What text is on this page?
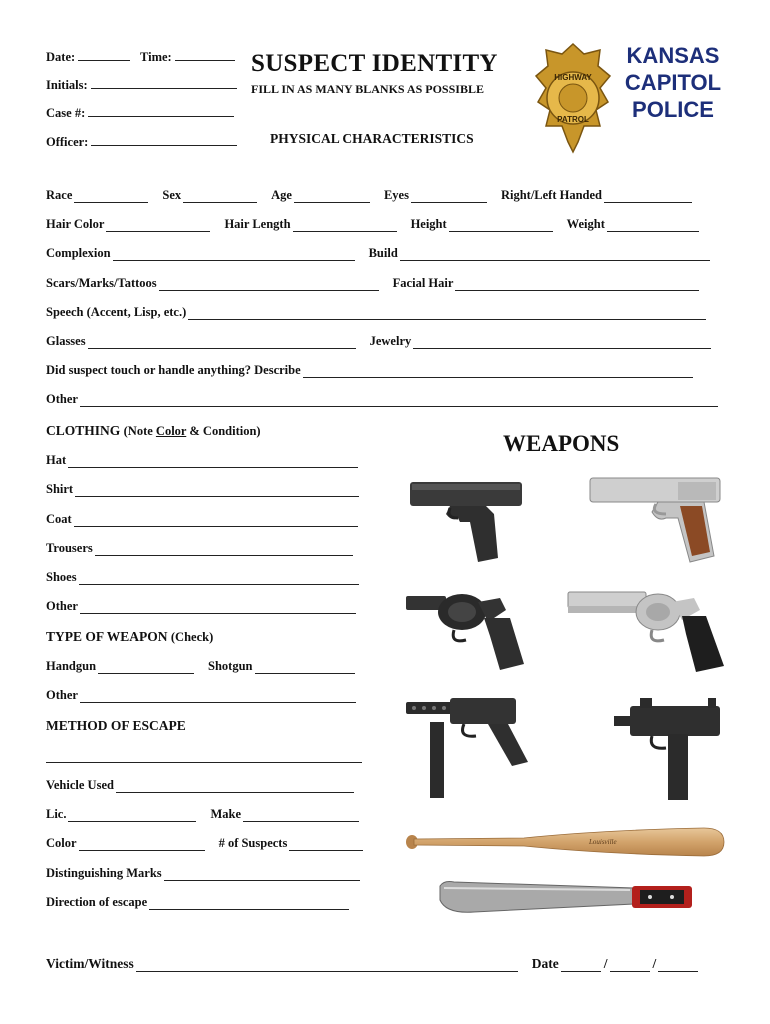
Date:	Time:
Initials:
Case #:
Officer:
SUSPECT IDENTITY
FILL IN AS MANY BLANKS AS POSSIBLE
PHYSICAL CHARACTERISTICS
HIGHWAY
PATROL
KANSAS
CAPITOL
POLICE
Race	Sex	Age	Eyes	Right/Left Handed
Hair Color	Hair Length	Height	Weight
Complexion	Build
Scars/Marks/Tattoos	Facial Hair
Speech (Accent, Lisp, etc.)
Glasses	Jewelry
Did suspect touch or handle anything? Describe
Other
CLOTHING (Note Color & Condition)
Hat
Shirt
Coat
Trousers
Shoes
Other
TYPE OF WEAPON (Check)
Handgun	Shotgun
Other
METHOD OF ESCAPE
Vehicle Used
Lic.	Make
Color	# of Suspects
Distinguishing Marks
Direction of escape
Victim/Witness	Date	/	/
WEAPONS
Louisville
